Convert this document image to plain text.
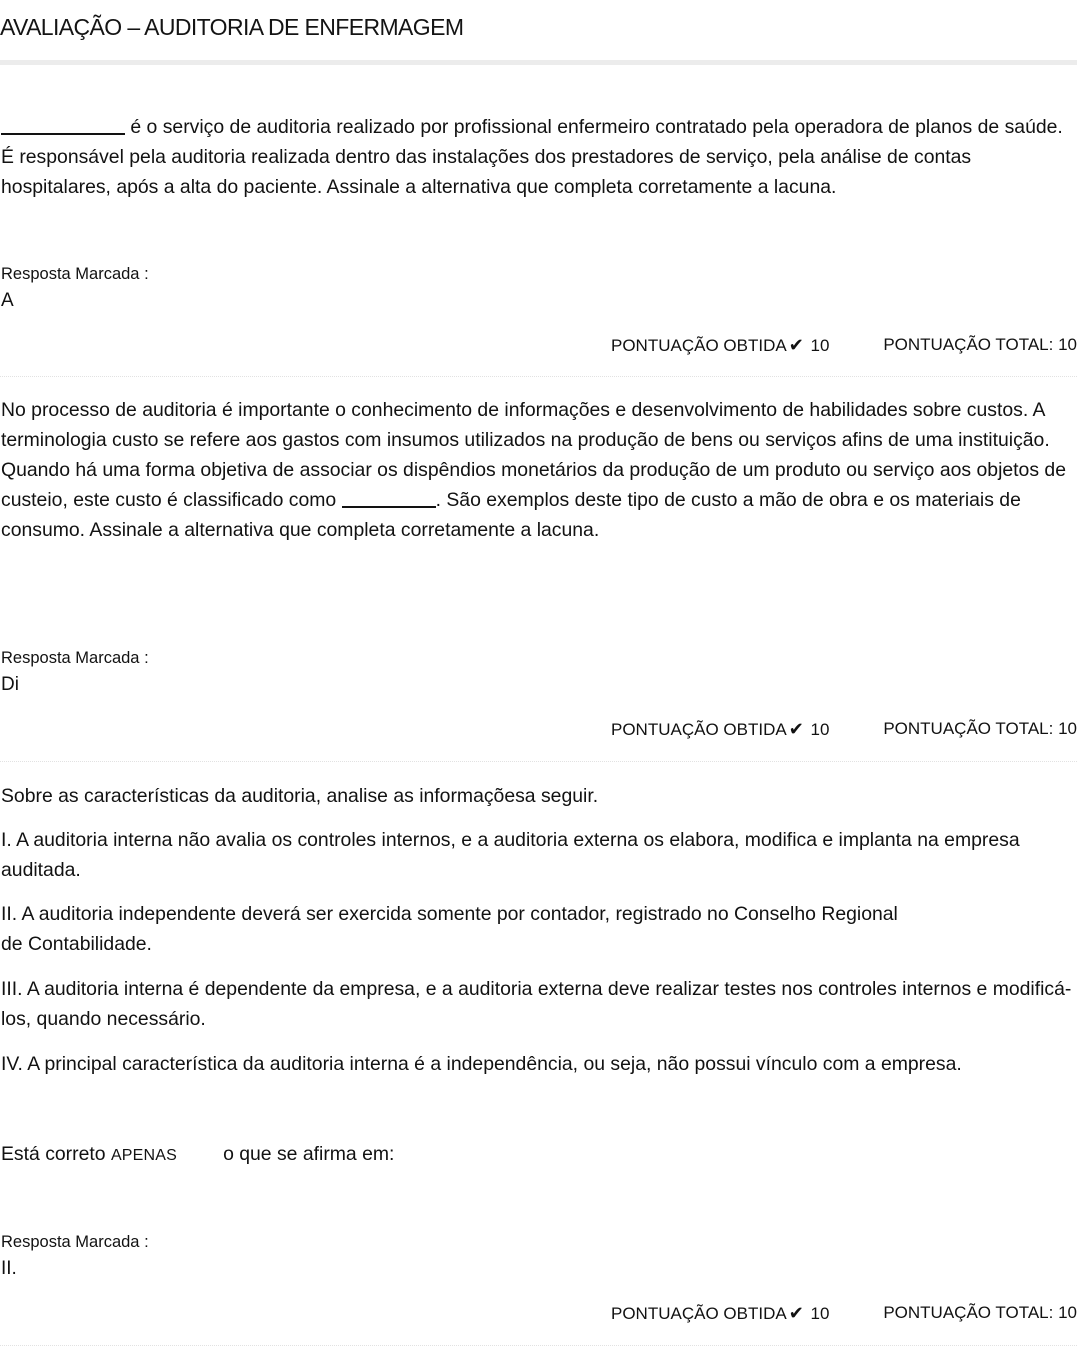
AVALIAÇÃO – AUDITORIA DE ENFERMAGEM

é o serviço de auditoria realizado por profissional enfermeiro contratado pela operadora de planos de saúde. É responsável pela auditoria realizada dentro das instalações dos prestadores de serviço, pela análise de contas hospitalares, após a alta do paciente. Assinale a alternativa que completa corretamente a lacuna.

Resposta Marcada :
A
PONTUAÇÃO OBTIDA ✔ 10	PONTUAÇÃO TOTAL: 10

No processo de auditoria é importante o conhecimento de informações e desenvolvimento de habilidades sobre custos. A terminologia custo se refere aos gastos com insumos utilizados na produção de bens ou serviços afins de uma instituição. Quando há uma forma objetiva de associar os dispêndios monetários da produção de um produto ou serviço aos objetos de custeio, este custo é classificado como	. São exemplos deste tipo de custo a mão de obra e os materiais de consumo. Assinale a alternativa que completa corretamente a lacuna.

Resposta Marcada :
Di
PONTUAÇÃO OBTIDA ✔ 10	PONTUAÇÃO TOTAL: 10

Sobre as características da auditoria, analise as informaçõesa seguir.

I. A auditoria interna não avalia os controles internos, e a auditoria externa os elabora, modifica e implanta na empresa auditada.

II. A auditoria independente deverá ser exercida somente por contador, registrado no Conselho Regional

de Contabilidade.

III. A auditoria interna é dependente da empresa, e a auditoria externa deve realizar testes nos controles internos e modificá-los, quando necessário.

IV. A principal característica da auditoria interna é a independência, ou seja, não possui vínculo com a empresa.

Está correto APENAS o que se afirma em:

Resposta Marcada :
II.
PONTUAÇÃO OBTIDA ✔ 10	PONTUAÇÃO TOTAL: 10
